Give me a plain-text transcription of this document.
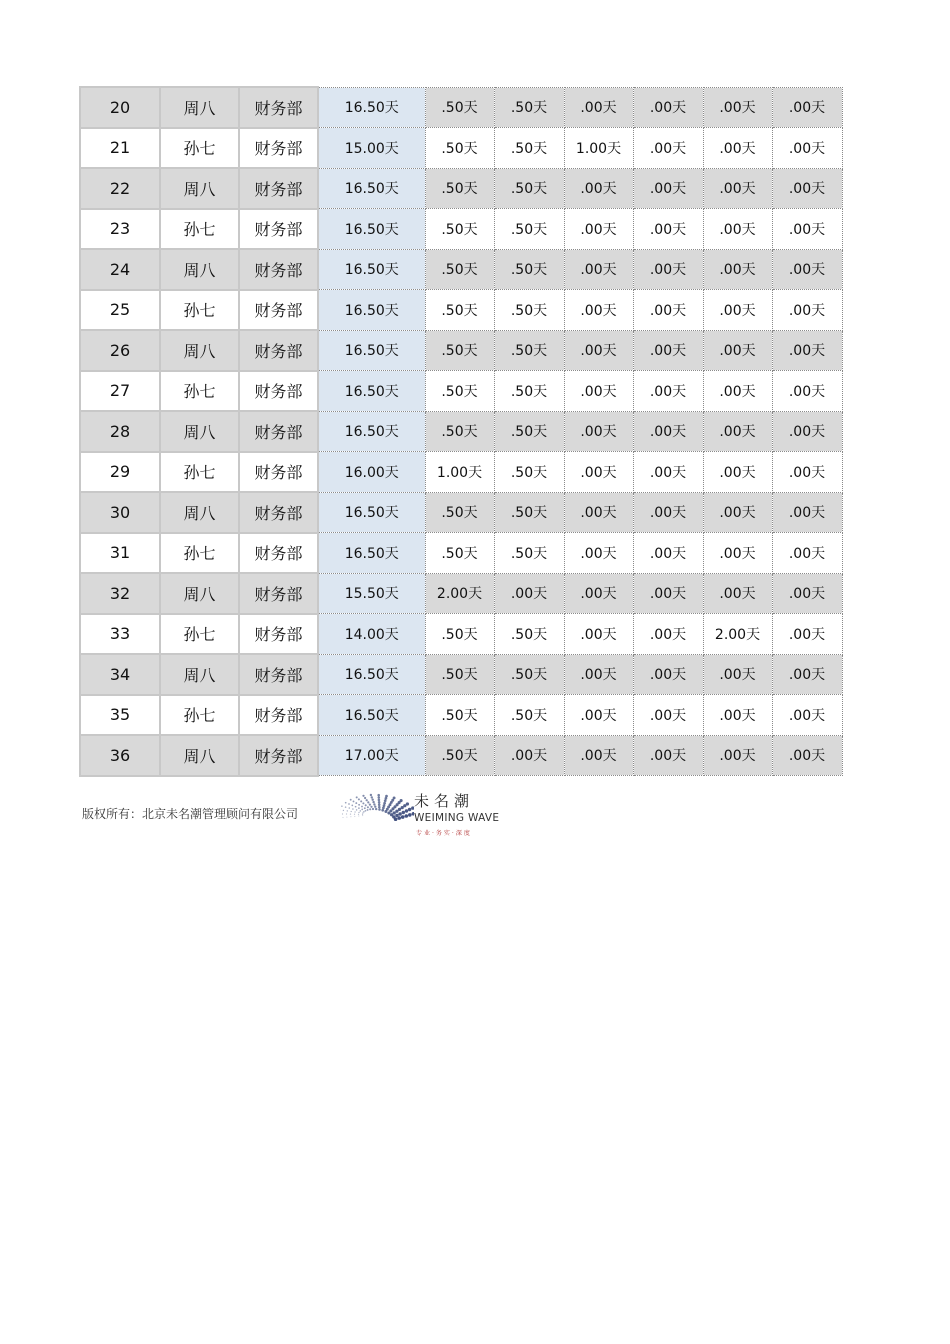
20	周八	财务部	16.50天	.50天	.50天	.00天	.00天	.00天	.00天
21	孙七	财务部	15.00天	.50天	.50天	1.00天	.00天	.00天	.00天
22	周八	财务部	16.50天	.50天	.50天	.00天	.00天	.00天	.00天
23	孙七	财务部	16.50天	.50天	.50天	.00天	.00天	.00天	.00天
24	周八	财务部	16.50天	.50天	.50天	.00天	.00天	.00天	.00天
25	孙七	财务部	16.50天	.50天	.50天	.00天	.00天	.00天	.00天
26	周八	财务部	16.50天	.50天	.50天	.00天	.00天	.00天	.00天
27	孙七	财务部	16.50天	.50天	.50天	.00天	.00天	.00天	.00天
28	周八	财务部	16.50天	.50天	.50天	.00天	.00天	.00天	.00天
29	孙七	财务部	16.00天	1.00天	.50天	.00天	.00天	.00天	.00天
30	周八	财务部	16.50天	.50天	.50天	.00天	.00天	.00天	.00天
31	孙七	财务部	16.50天	.50天	.50天	.00天	.00天	.00天	.00天
32	周八	财务部	15.50天	2.00天	.00天	.00天	.00天	.00天	.00天
33	孙七	财务部	14.00天	.50天	.50天	.00天	.00天	2.00天	.00天
34	周八	财务部	16.50天	.50天	.50天	.00天	.00天	.00天	.00天
35	孙七	财务部	16.50天	.50天	.50天	.00天	.00天	.00天	.00天
36	周八	财务部	17.00天	.50天	.00天	.00天	.00天	.00天	.00天
版权所有：北京未名潮管理顾问有限公司
未名潮
WEIMING WAVE
专业·务实·深度
